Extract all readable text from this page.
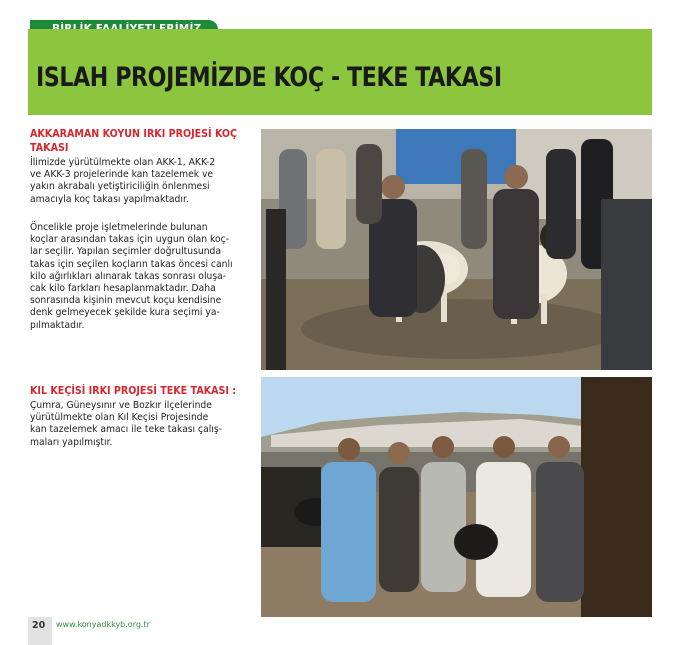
ISLAH PROJEMİZDE KOÇ - TEKE TAKASI
AKKARAMAN KOYUN IRKI PROJESİ KOÇ
TAKASI
İlimizde yürütülmekte olan AKK-1, AKK-2
ve AKK-3 projelerinde kan tazelemek ve
yakın akrabalı yetiştiriciliğin önlenmesi
amacıyla koç takası yapılmaktadır.
Öncelikle proje işletmelerinde bulunan
koçlar arasından takas için uygun olan koç-
lar seçilir. Yapılan seçimler doğrultusunda
takas için seçilen koçların takas öncesi canlı
kilo ağırlıkları alınarak takas sonrası oluşa-
cak kilo farkları hesaplanmaktadır. Daha
sonrasında kişinin mevcut koçu kendisine
denk gelmeyecek şekilde kura seçimi ya-
pılmaktadır.
KIL KEÇİSİ IRKI PROJESİ TEKE TAKASI :
Çumra, Güneysınır ve Bozkır ilçelerinde
yürütülmekte olan Kıl Keçisi Projesinde
kan tazelemek amacı ile teke takası çalış-
maları yapılmıştır.
20	www.konyadkkyb.org.tr
